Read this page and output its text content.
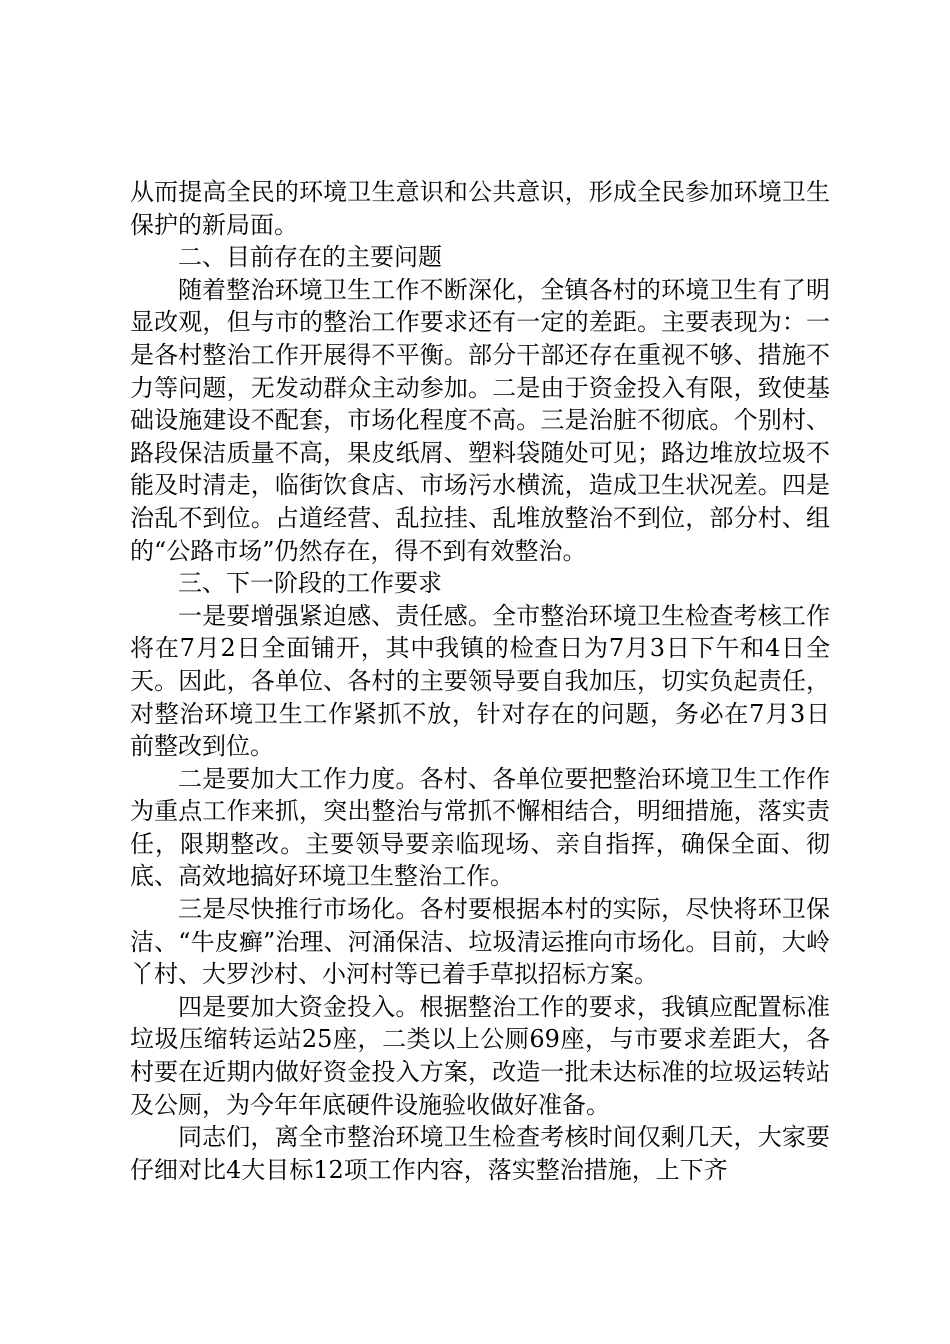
从而提高全民的环境卫生意识和公共意识，形成全民参加环境卫生保护的新局面。

二、目前存在的主要问题

随着整治环境卫生工作不断深化，全镇各村的环境卫生有了明显改观，但与市的整治工作要求还有一定的差距。主要表现为：一是各村整治工作开展得不平衡。部分干部还存在重视不够、措施不力等问题，无发动群众主动参加。二是由于资金投入有限，致使基础设施建设不配套，市场化程度不高。三是治脏不彻底。个别村、路段保洁质量不高，果皮纸屑、塑料袋随处可见；路边堆放垃圾不能及时清走，临街饮食店、市场污水横流，造成卫生状况差。四是治乱不到位。占道经营、乱拉挂、乱堆放整治不到位，部分村、组的“公路市场”仍然存在，得不到有效整治。

三、下一阶段的工作要求

一是要增强紧迫感、责任感。全市整治环境卫生检查考核工作将在7月2日全面铺开，其中我镇的检查日为7月3日下午和4日全天。因此，各单位、各村的主要领导要自我加压，切实负起责任，对整治环境卫生工作紧抓不放，针对存在的问题，务必在7月3日前整改到位。

二是要加大工作力度。各村、各单位要把整治环境卫生工作作为重点工作来抓，突出整治与常抓不懈相结合，明细措施，落实责任，限期整改。主要领导要亲临现场、亲自指挥，确保全面、彻底、高效地搞好环境卫生整治工作。

三是尽快推行市场化。各村要根据本村的实际，尽快将环卫保洁、“牛皮癣”治理、河涌保洁、垃圾清运推向市场化。目前，大岭丫村、大罗沙村、小河村等已着手草拟招标方案。

四是要加大资金投入。根据整治工作的要求，我镇应配置标准垃圾压缩转运站25座，二类以上公厕69座，与市要求差距大，各村要在近期内做好资金投入方案，改造一批未达标准的垃圾运转站及公厕，为今年年底硬件设施验收做好准备。

同志们，离全市整治环境卫生检查考核时间仅剩几天，大家要仔细对比4大目标12项工作内容，落实整治措施，上下齐
